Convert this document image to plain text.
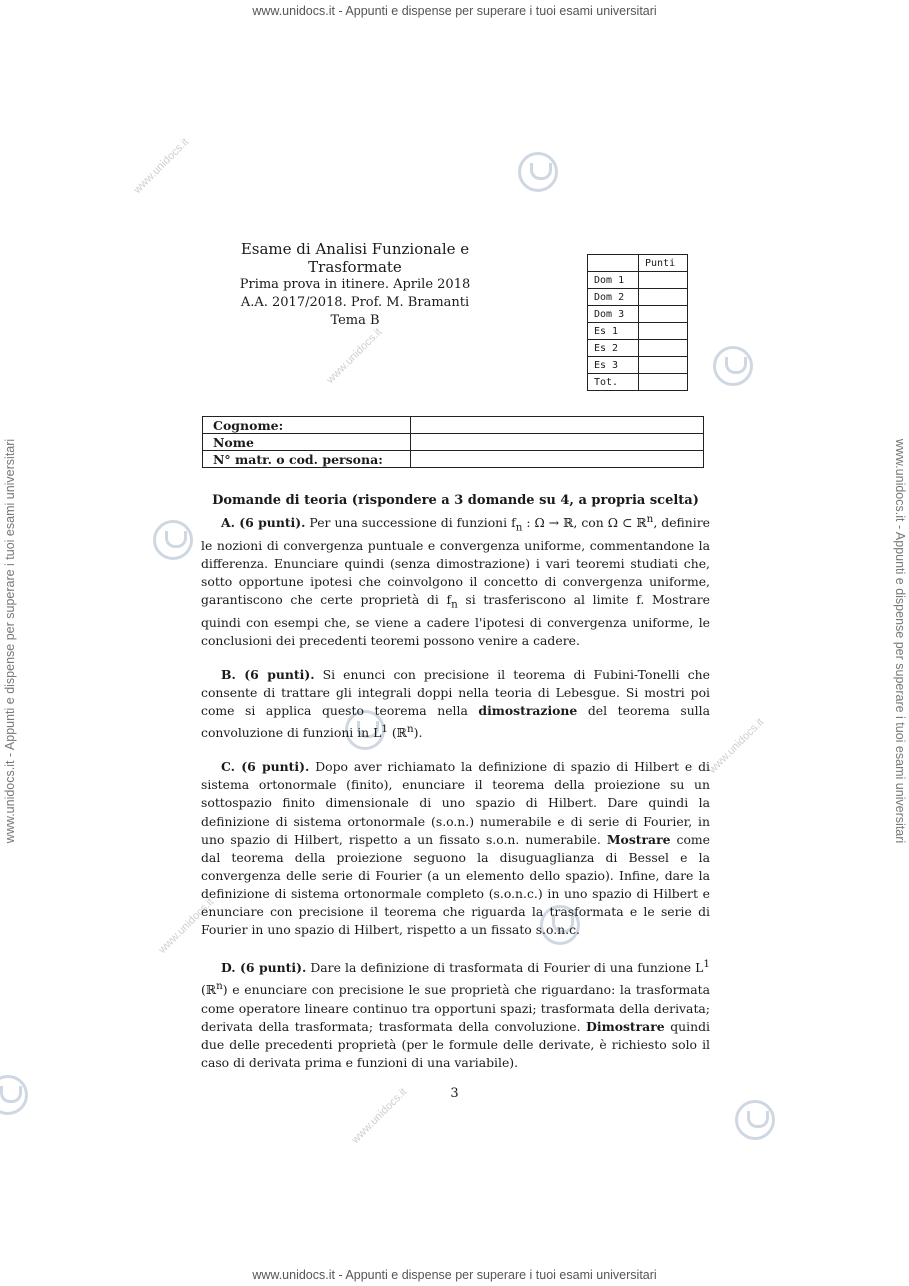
www.unidocs.it - Appunti e dispense per superare i tuoi esami universitari
www.unidocs.it - Appunti e dispense per superare i tuoi esami universitari
www.unidocs.it - Appunti e dispense per superare i tuoi esami universitari	www.unidocs.it - Appunti e dispense per superare i tuoi esami universitari
www.unidocs.it
www.unidocs.it
www.unidocs.it
www.unidocs.it
www.unidocs.it
Esame di Analisi Funzionale e Trasformate
Prima prova in itinere. Aprile 2018
A.A. 2017/2018. Prof. M. Bramanti
Tema B
	Punti
Dom 1	
Dom 2	
Dom 3	
Es 1	
Es 2	
Es 3	
Tot.	
Cognome:	
Nome	
N° matr. o cod. persona:	
Domande di teoria (rispondere a 3 domande su 4, a propria scelta)

A. (6 punti). Per una successione di funzioni $f_n$ : Ω → ℝ, con Ω ⊂ ℝ$^n$, definire le nozioni di convergenza puntuale e convergenza uniforme, commentandone la differenza. Enunciare quindi (senza dimostrazione) i vari teoremi studiati che, sotto opportune ipotesi che coinvolgono il concetto di convergenza uniforme, garantiscono che certe proprietà di $f_n$ si trasferiscono al limite f. Mostrare quindi con esempi che, se viene a cadere l'ipotesi di convergenza uniforme, le conclusioni dei precedenti teoremi possono venire a cadere.

B. (6 punti). Si enunci con precisione il teorema di Fubini-Tonelli che consente di trattare gli integrali doppi nella teoria di Lebesgue. Si mostri poi come si applica questo teorema nella dimostrazione del teorema sulla convoluzione di funzioni in $L^1$ (ℝ$^n$).

C. (6 punti). Dopo aver richiamato la definizione di spazio di Hilbert e di sistema ortonormale (finito), enunciare il teorema della proiezione su un sottospazio finito dimensionale di uno spazio di Hilbert. Dare quindi la definizione di sistema ortonormale (s.o.n.) numerabile e di serie di Fourier, in uno spazio di Hilbert, rispetto a un fissato s.o.n. numerabile. Mostrare come dal teorema della proiezione seguono la disuguaglianza di Bessel e la convergenza delle serie di Fourier (a un elemento dello spazio). Infine, dare la definizione di sistema ortonormale completo (s.o.n.c.) in uno spazio di Hilbert e enunciare con precisione il teorema che riguarda la trasformata e le serie di Fourier in uno spazio di Hilbert, rispetto a un fissato s.o.n.c.

D. (6 punti). Dare la definizione di trasformata di Fourier di una funzione $L^1$ (ℝ$^n$) e enunciare con precisione le sue proprietà che riguardano: la trasformata come operatore lineare continuo tra opportuni spazi; trasformata della derivata; derivata della trasformata; trasformata della convoluzione. Dimostrare quindi due delle precedenti proprietà (per le formule delle derivate, è richiesto solo il caso di derivata prima e funzioni di una variabile).

3
